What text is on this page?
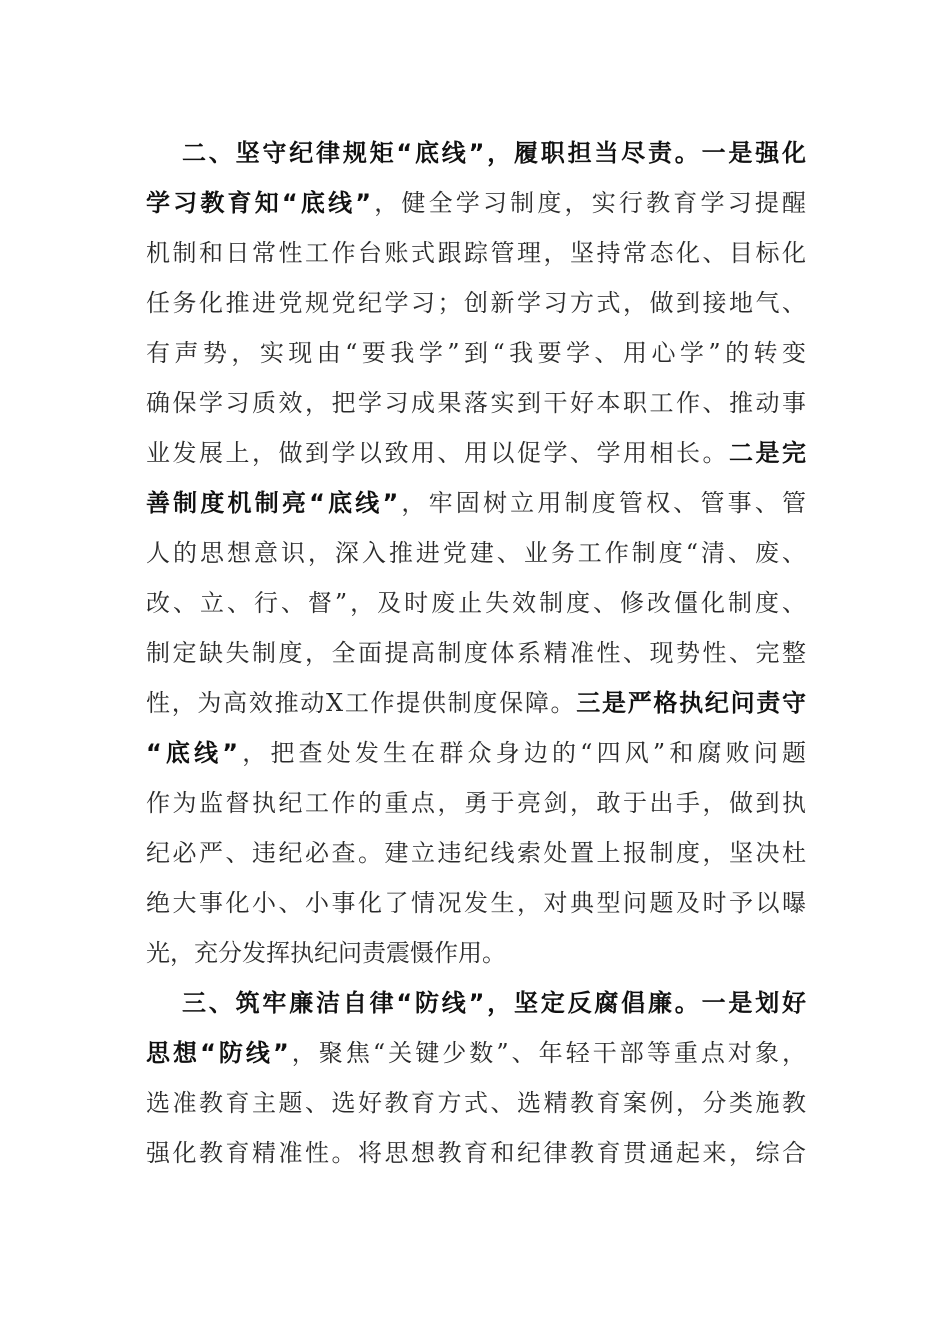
二、坚守纪律规矩“底线”，履职担当尽责。一是强化
学习教育知“底线”，健全学习制度，实行教育学习提醒
机制和日常性工作台账式跟踪管理，坚持常态化、目标化
任务化推进党规党纪学习；创新学习方式，做到接地气、
有声势，实现由“要我学”到“我要学、用心学”的转变
确保学习质效，把学习成果落实到干好本职工作、推动事
业发展上，做到学以致用、用以促学、学用相长。二是完
善制度机制亮“底线”，牢固树立用制度管权、管事、管
人的思想意识，深入推进党建、业务工作制度“清、废、
改、立、行、督”，及时废止失效制度、修改僵化制度、
制定缺失制度，全面提高制度体系精准性、现势性、完整
性，为高效推动X工作提供制度保障。三是严格执纪问责守
“底线”，把查处发生在群众身边的“四风”和腐败问题
作为监督执纪工作的重点，勇于亮剑，敢于出手，做到执
纪必严、违纪必查。建立违纪线索处置上报制度，坚决杜
绝大事化小、小事化了情况发生，对典型问题及时予以曝
光，充分发挥执纪问责震慑作用。
三、筑牢廉洁自律“防线”，坚定反腐倡廉。一是划好
思想“防线”，聚焦“关键少数”、年轻干部等重点对象，
选准教育主题、选好教育方式、选精教育案例，分类施教
强化教育精准性。将思想教育和纪律教育贯通起来，综合
